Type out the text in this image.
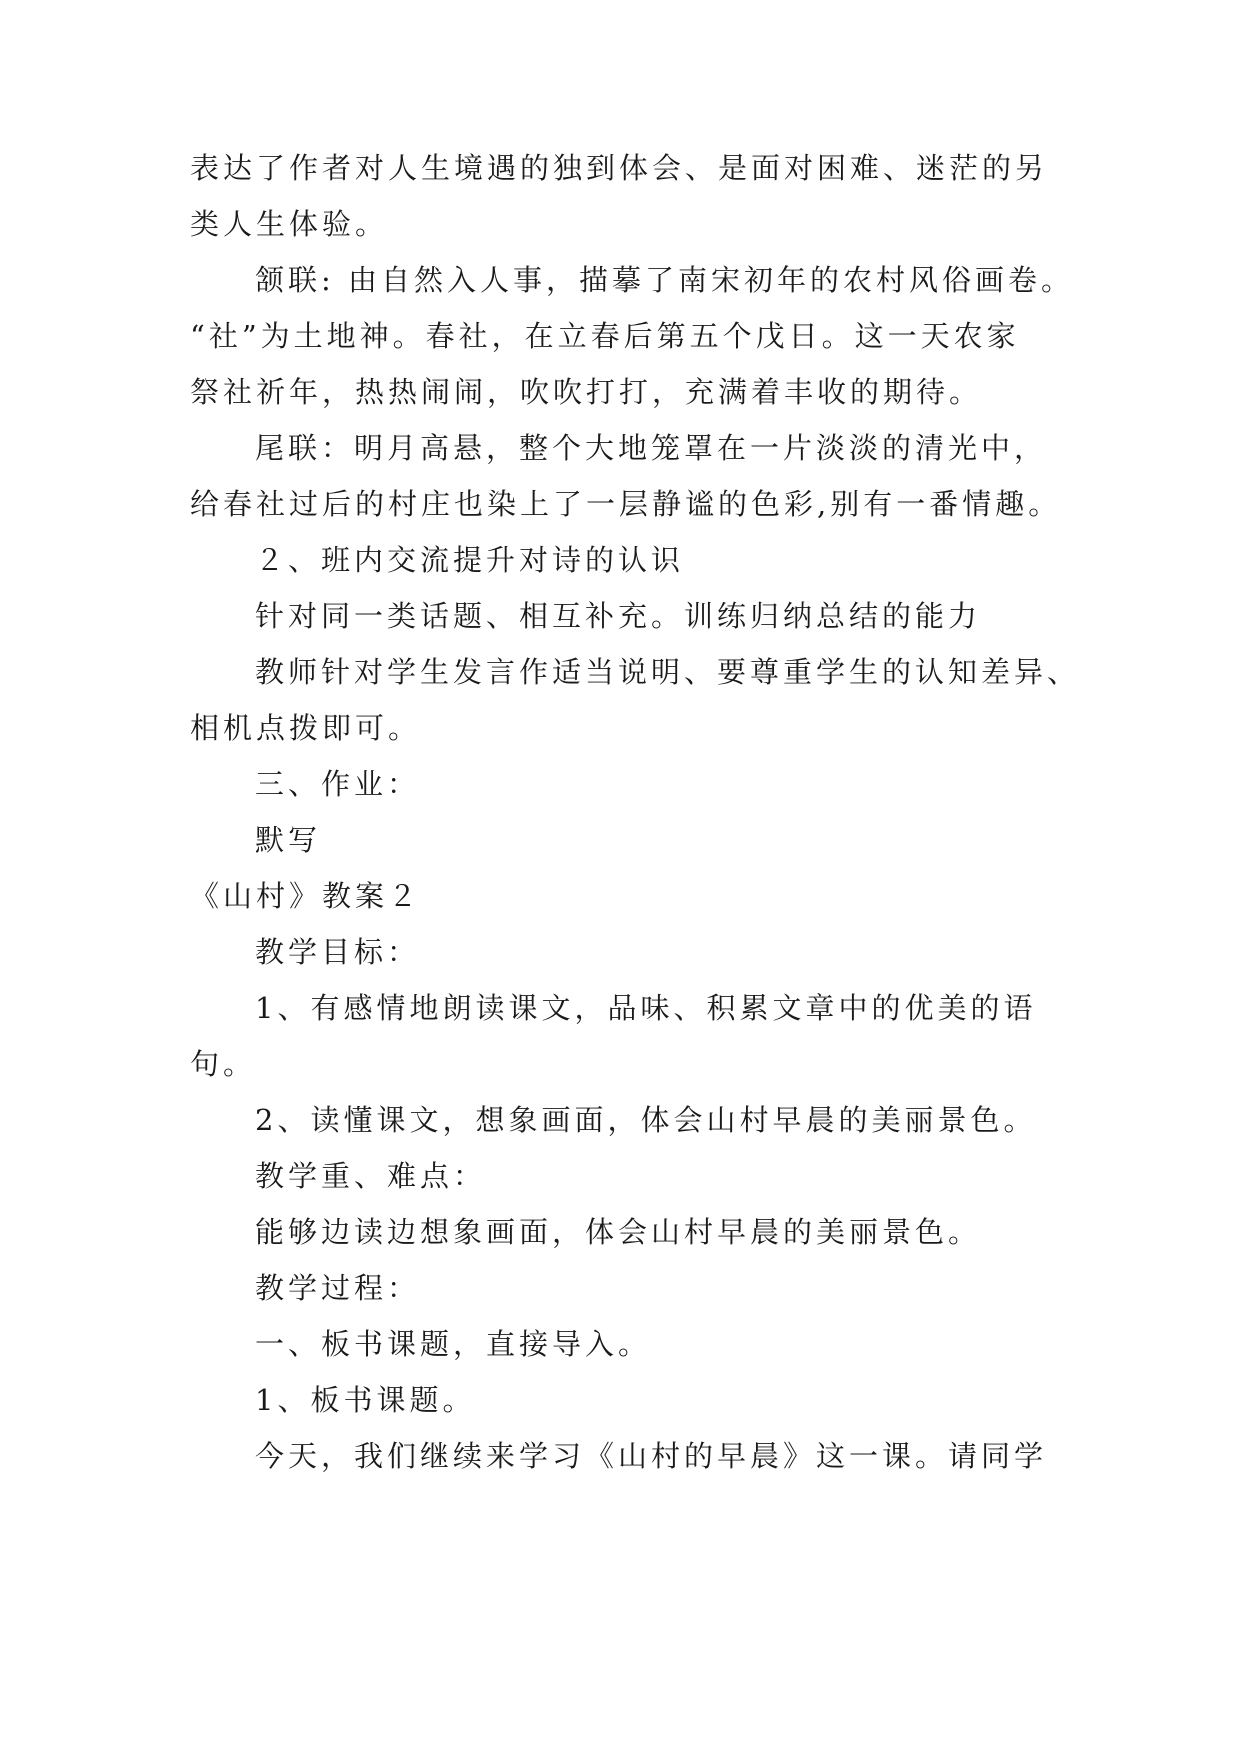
表达了作者对人生境遇的独到体会、是面对困难、迷茫的另
类人生体验。
颔联: 由自然入人事，描摹了南宋初年的农村风俗画卷。
“社”为土地神。春社，在立春后第五个戊日。这一天农家
祭社祈年，热热闹闹，吹吹打打，充满着丰收的期待。
尾联：明月高悬，整个大地笼罩在一片淡淡的清光中，
给春社过后的村庄也染上了一层静谧的色彩,别有一番情趣。
２、班内交流提升对诗的认识
针对同一类话题、相互补充。训练归纳总结的能力
教师针对学生发言作适当说明、要尊重学生的认知差异、
相机点拨即可。
三、作业：
默写
《山村》教案２
教学目标：
1、有感情地朗读课文，品味、积累文章中的优美的语
句。
2、读懂课文，想象画面，体会山村早晨的美丽景色。
教学重、难点：
能够边读边想象画面，体会山村早晨的美丽景色。
教学过程：
一、板书课题，直接导入。
1、板书课题。
今天，我们继续来学习《山村的早晨》这一课。请同学
